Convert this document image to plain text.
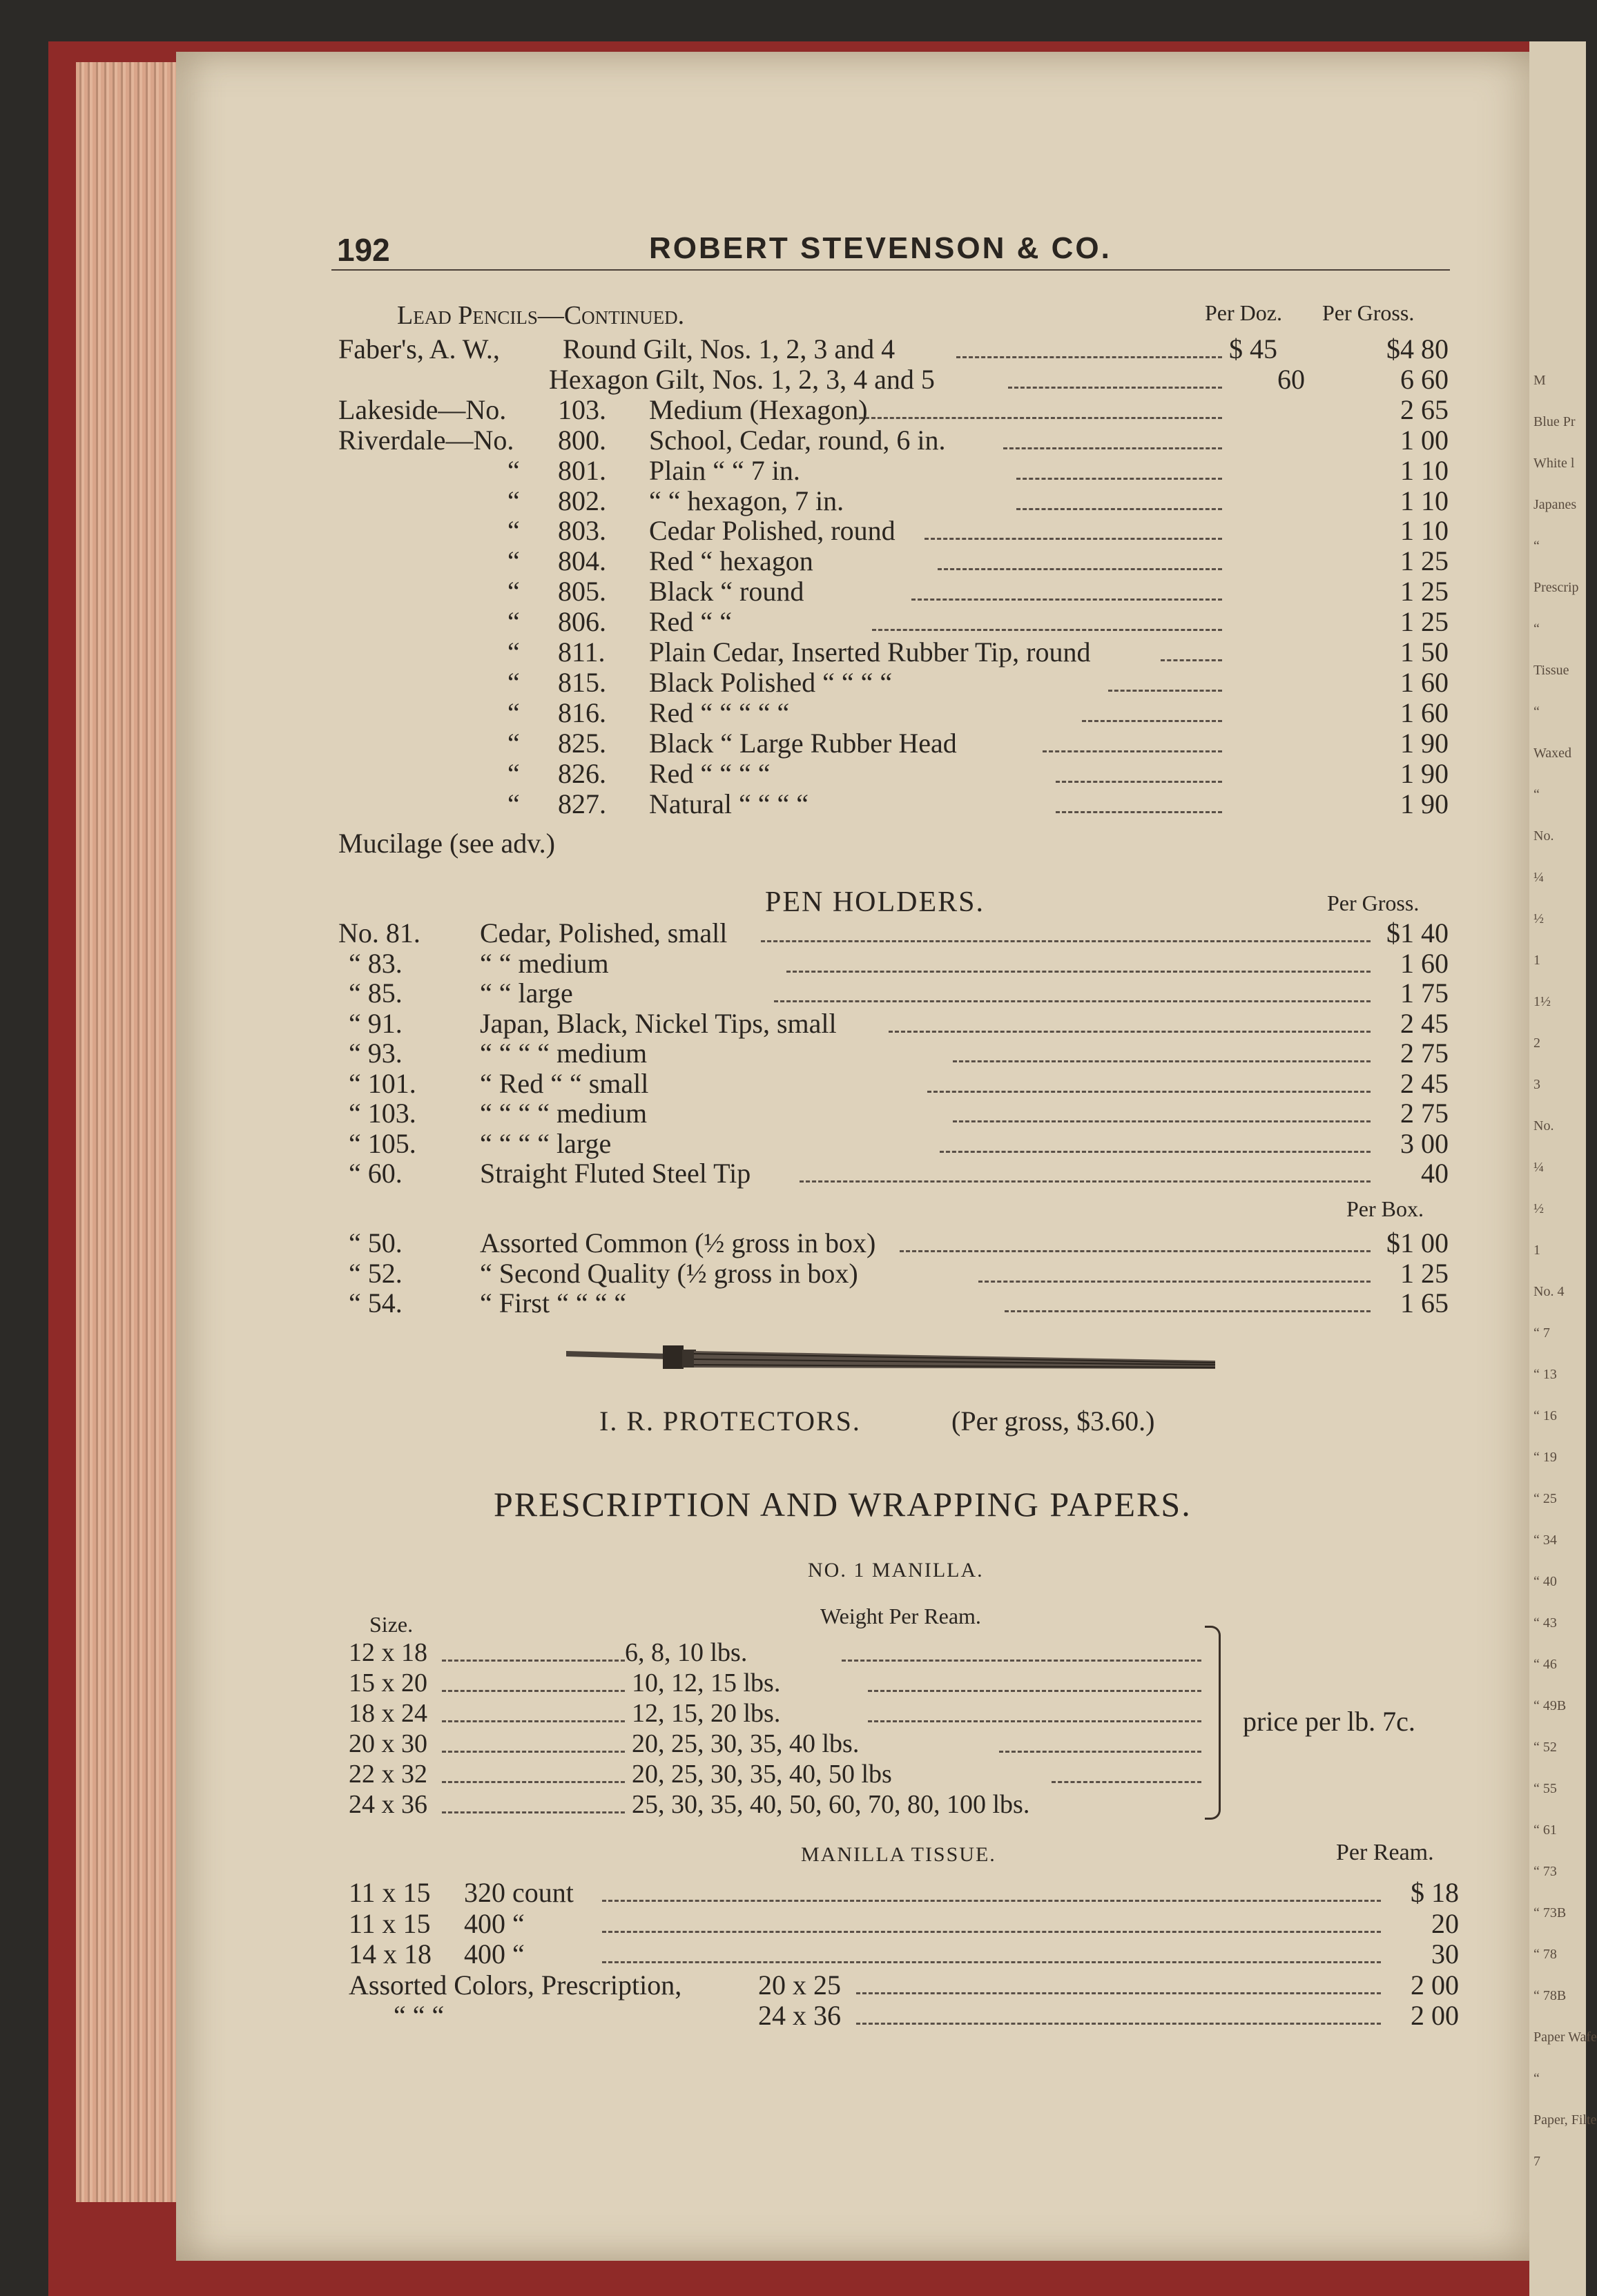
M
Blue Pr
White l
Japanes
“
Prescrip
“
Tissue
“
Waxed
“
No.
¼
½
1
1½
2
3
No.
¼
½
1
No. 4
“ 7
“ 13
“ 16
“ 19
“ 25
“ 34
“ 40
“ 43
“ 46
“ 49B
“ 52
“ 55
“ 61
“ 73
“ 73B
“ 78
“ 78B
Paper Wafe
“
Paper, Filte
7
192	ROBERT STEVENSON & CO.
Lead Pencils—Continued.	Per Doz. Per Gross.
Faber's, A. W., Round Gilt, Nos. 1, 2, 3 and 4	$ 45	$4 80
Hexagon Gilt, Nos. 1, 2, 3, 4 and 5	60	6 60
Lakeside—No. 103. Medium (Hexagon)	2 65
Riverdale—No. 800. School, Cedar, round, 6 in.	1 00
“ 801. Plain “ “ 7 in.	1 10
“ 802. “ “ hexagon, 7 in.	1 10
“ 803. Cedar Polished, round	1 10
“ 804. Red “ hexagon	1 25
“ 805. Black “ round	1 25
“ 806. Red “ “	1 25
“ 811. Plain Cedar, Inserted Rubber Tip, round	1 50
“ 815. Black Polished “ “ “ “	1 60
“ 816. Red “ “ “ “ “	1 60
“ 825. Black “ Large Rubber Head	1 90
“ 826. Red “ “ “ “	1 90
“ 827. Natural “ “ “ “	1 90
Mucilage (see adv.)
PEN HOLDERS.	Per Gross.
No. 81. Cedar, Polished, small	$1 40
“ 83.	“ “ medium	1 60
“ 85.	“ “ large	1 75
“ 91.	Japan, Black, Nickel Tips, small	2 45
“ 93.	“ “ “ “ medium	2 75
“ 101. “ Red “ “ small	2 45
“ 103. “ “ “ “ medium	2 75
“ 105. “ “ “ “ large	3 00
“ 60.	Straight Fluted Steel Tip	40
Per Box.
“ 50.	Assorted Common (½ gross in box)	$1 00
“ 52.	“ Second Quality (½ gross in box)	1 25
“ 54.	“ First “ “ “ “	1 65
I. R. PROTECTORS.	(Per gross, $3.60.)
PRESCRIPTION AND WRAPPING PAPERS.
NO. 1 MANILLA.
Size.	Weight Per Ream.
12 x 18	6, 8, 10 lbs.
15 x 20	10, 12, 15 lbs.
18 x 24	12, 15, 20 lbs.
20 x 30	20, 25, 30, 35, 40 lbs.
22 x 32	20, 25, 30, 35, 40, 50 lbs
24 x 36	25, 30, 35, 40, 50, 60, 70, 80, 100 lbs.
price per lb. 7c.
MANILLA TISSUE.	Per Ream.
11 x 15 320 count	$ 18
11 x 15 400 “	20
14 x 18 400 “	30
Assorted Colors, Prescription,	20 x 25	2 00
“ “ “	24 x 36	2 00
